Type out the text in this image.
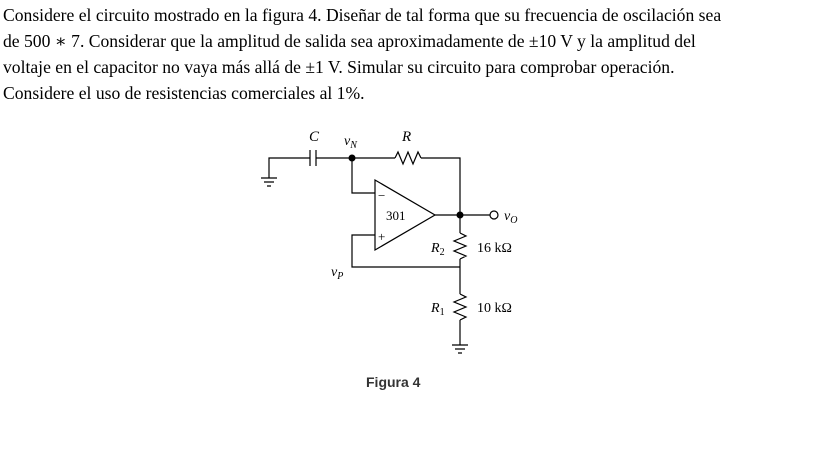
Considere el circuito mostrado en la figura 4. Diseñar de tal forma que su frecuencia de oscilación sea
de 500 ∗ 7. Considerar que la amplitud de salida sea aproximadamente de ±10 V y la amplitud del
voltaje en el capacitor no vaya más allá de ±1 V. Simular su circuito para comprobar operación.
Considere el uso de resistencias comerciales al 1%.
C $v_N$
R
−
+
301	$v_O$
$v_P$
$R_2$ 16 kΩ
$R_1$ 10 kΩ
Figura 4
